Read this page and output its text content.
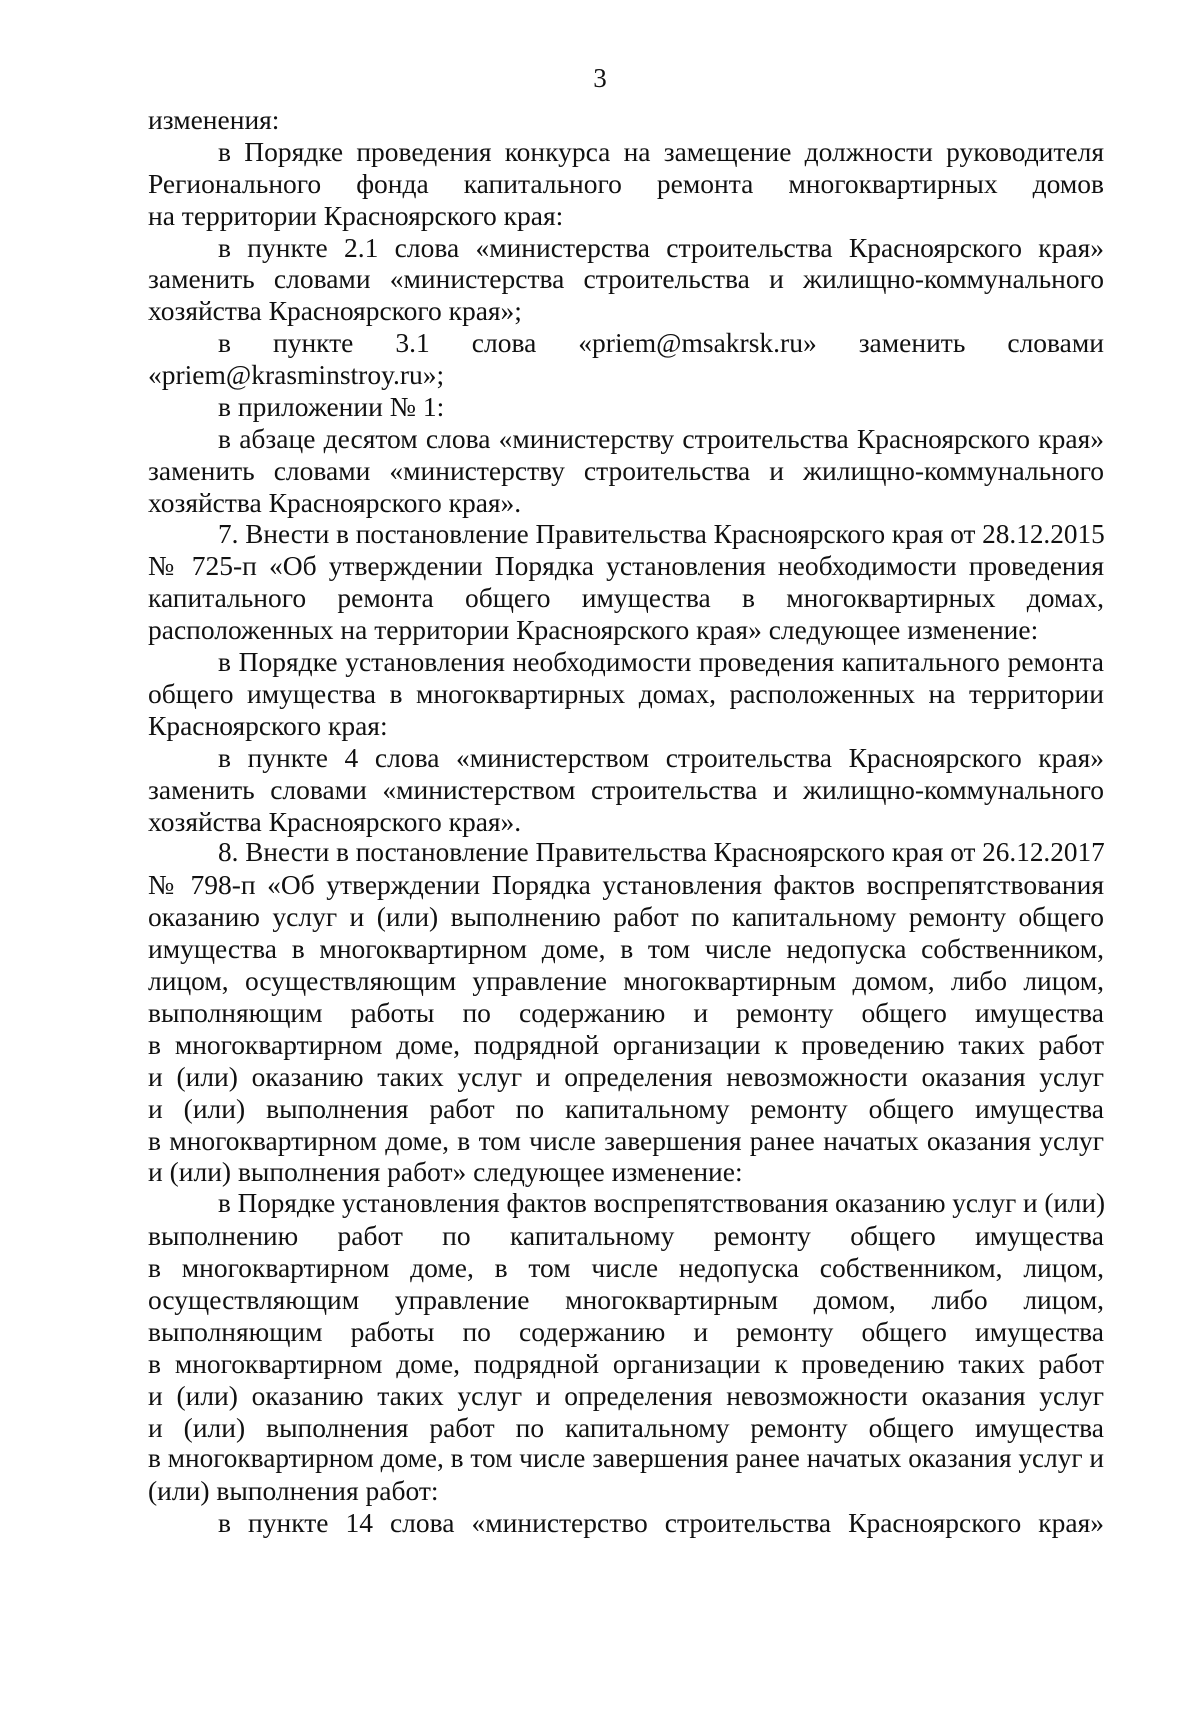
3
изменения:
в Порядке проведения конкурса на замещение должности руководителя
Регионального фонда капитального ремонта многоквартирных домов
на территории Красноярского края:
в пункте 2.1 слова «министерства строительства Красноярского края»
заменить словами «министерства строительства и жилищно-коммунального
хозяйства Красноярского края»;
в пункте 3.1 слова «priem@msakrsk.ru» заменить словами
«priem@krasminstroy.ru»;
в приложении № 1:
в абзаце десятом слова «министерству строительства Красноярского края»
заменить словами «министерству строительства и жилищно-коммунального
хозяйства Красноярского края».
7. Внести в постановление Правительства Красноярского края от 28.12.2015
№ 725-п «Об утверждении Порядка установления необходимости проведения
капитального ремонта общего имущества в многоквартирных домах,
расположенных на территории Красноярского края» следующее изменение:
в Порядке установления необходимости проведения капитального ремонта
общего имущества в многоквартирных домах, расположенных на территории
Красноярского края:
в пункте 4 слова «министерством строительства Красноярского края»
заменить словами «министерством строительства и жилищно-коммунального
хозяйства Красноярского края».
8. Внести в постановление Правительства Красноярского края от 26.12.2017
№ 798-п «Об утверждении Порядка установления фактов воспрепятствования
оказанию услуг и (или) выполнению работ по капитальному ремонту общего
имущества в многоквартирном доме, в том числе недопуска собственником,
лицом, осуществляющим управление многоквартирным домом, либо лицом,
выполняющим работы по содержанию и ремонту общего имущества
в многоквартирном доме, подрядной организации к проведению таких работ
и (или) оказанию таких услуг и определения невозможности оказания услуг
и (или) выполнения работ по капитальному ремонту общего имущества
в многоквартирном доме, в том числе завершения ранее начатых оказания услуг
и (или) выполнения работ» следующее изменение:
в Порядке установления фактов воспрепятствования оказанию услуг и (или)
выполнению работ по капитальному ремонту общего имущества
в многоквартирном доме, в том числе недопуска собственником, лицом,
осуществляющим управление многоквартирным домом, либо лицом,
выполняющим работы по содержанию и ремонту общего имущества
в многоквартирном доме, подрядной организации к проведению таких работ
и (или) оказанию таких услуг и определения невозможности оказания услуг
и (или) выполнения работ по капитальному ремонту общего имущества
в многоквартирном доме, в том числе завершения ранее начатых оказания услуг и
(или) выполнения работ:
в пункте 14 слова «министерство строительства Красноярского края»
